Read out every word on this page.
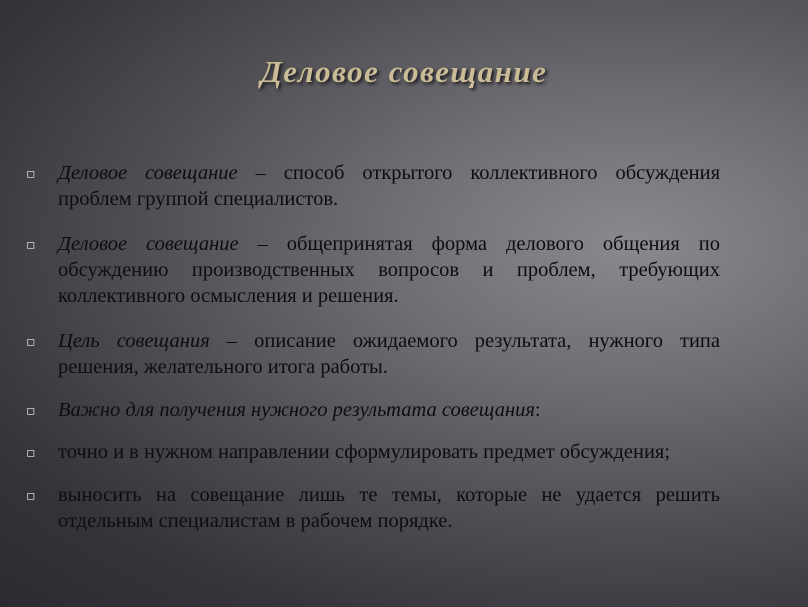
Деловое совещание
▫ Деловое совещание – способ открытого коллективного обсуждения проблем группой специалистов.
▫ Деловое совещание – общепринятая форма делового общения по обсуждению производственных вопросов и проблем, требующих коллективного осмысления и решения.
▫ Цель совещания – описание ожидаемого результата, нужного типа решения, желательного итога работы.
▫ Важно для получения нужного результата совещания:
▫ точно и в нужном направлении сформулировать предмет обсуждения;
▫ выносить на совещание лишь те темы, которые не удается решить отдельным специалистам в рабочем порядке.
